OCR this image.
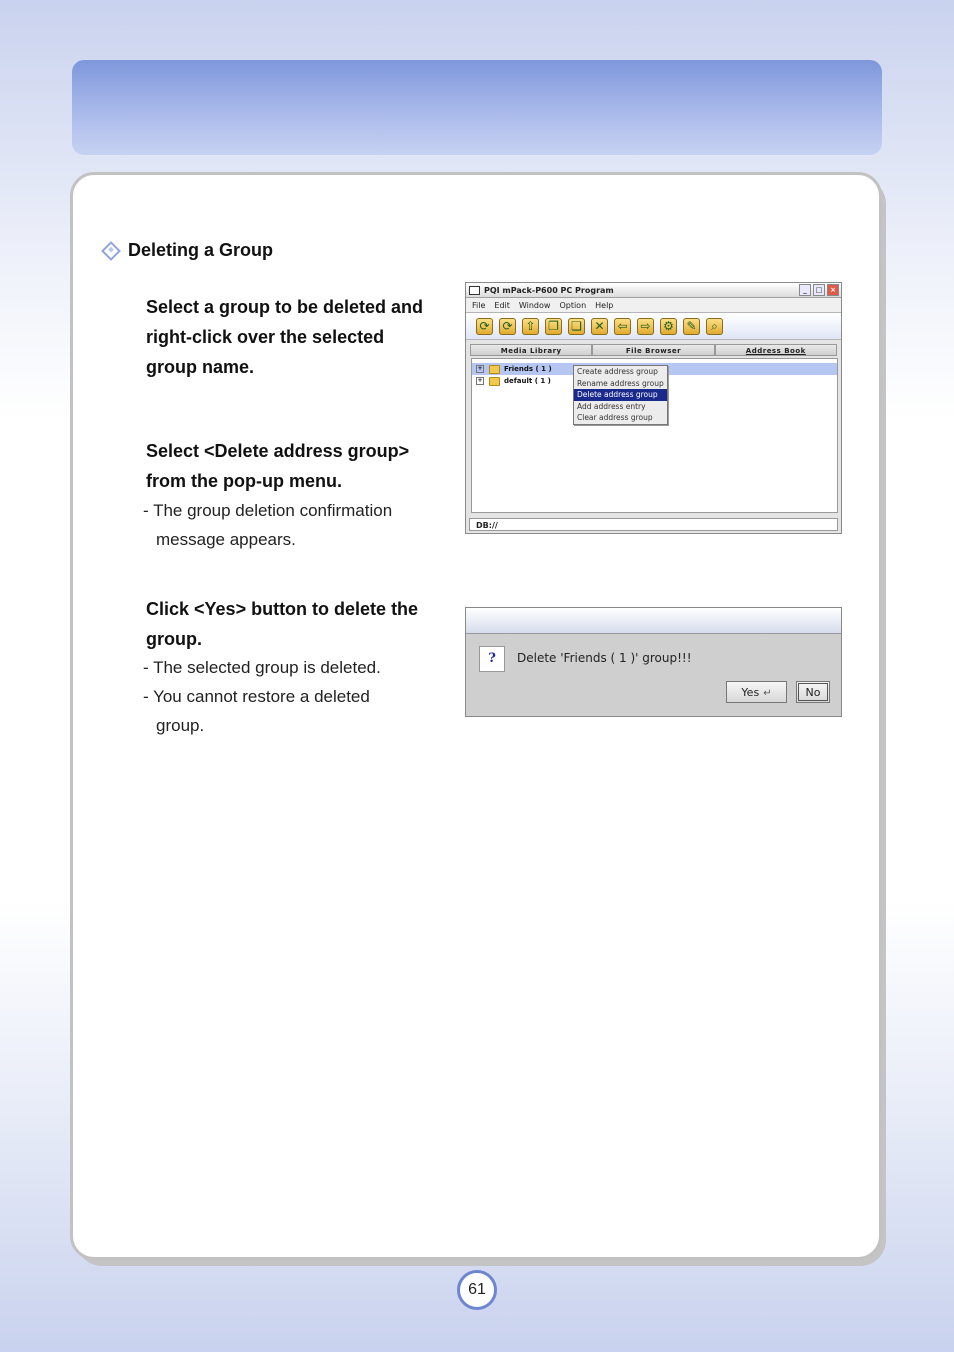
Deleting a Group
Select a group to be deleted and
right-click over the selected
group name.
Select <Delete address group>
from the pop-up menu.
- The group deletion confirmation
message appears.
Click <Yes> button to delete the
group.
- The selected group is deleted.
- You cannot restore a deleted
group.
PQI mPack-P600 PC Program	_	□	×
File Edit Window Option Help
⟳ ⟳ ⇧ ❐ ❏ ✕ ⇦ ⇨ ⚙ ✎	⌕
Media Library	File Browser	Address Book
+	Friends ( 1 )
+	default ( 1 )
Create address group
Rename address group
Delete address group
Add address entry
Clear address group
DB://
?	Delete 'Friends ( 1 )' group!!!
Yes ↵	No
61
